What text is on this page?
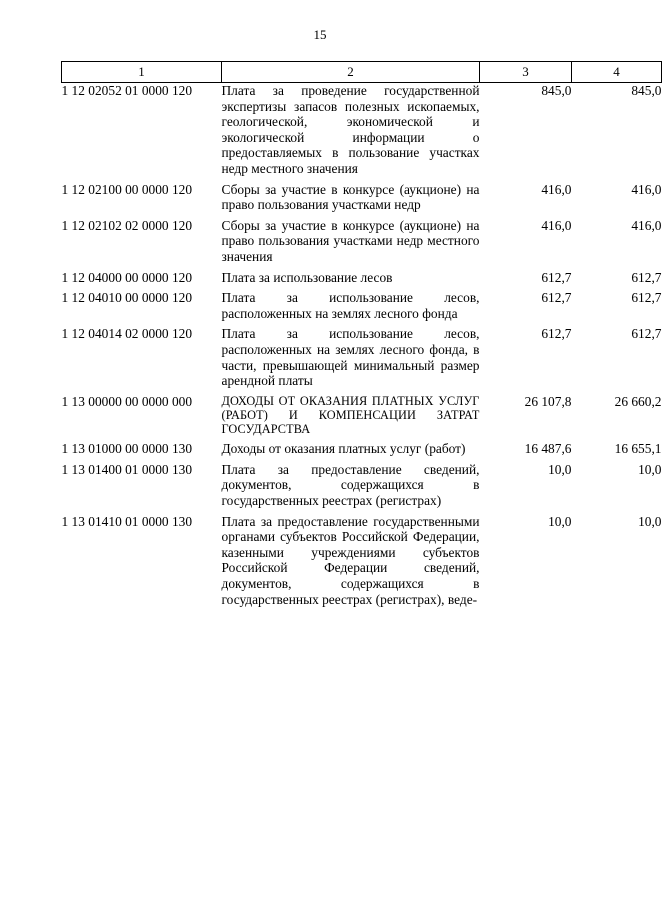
15
1	2	3	4
1 12 02052 01 0000 120	Плата за проведение государственной экспертизы запасов полезных ископаемых, геологической, экономической и экологической информации о предоставляемых в пользование участках недр местного значения	845,0	845,0
1 12 02100 00 0000 120	Сборы за участие в конкурсе (аукционе) на право пользования участками недр	416,0	416,0
1 12 02102 02 0000 120	Сборы за участие в конкурсе (аукционе) на право пользования участками недр местного значения	416,0	416,0
1 12 04000 00 0000 120	Плата за использование лесов	612,7	612,7
1 12 04010 00 0000 120	Плата за использование лесов, расположенных на землях лесного фонда	612,7	612,7
1 12 04014 02 0000 120	Плата за использование лесов, расположенных на землях лесного фонда, в части, превышающей минимальный размер арендной платы	612,7	612,7
1 13 00000 00 0000 000	ДОХОДЫ ОТ ОКАЗАНИЯ ПЛАТНЫХ УСЛУГ (РАБОТ) И КОМПЕНСАЦИИ ЗАТРАТ ГОСУДАРСТВА	26 107,8	26 660,2
1 13 01000 00 0000 130	Доходы от оказания платных услуг (работ)	16 487,6	16 655,1
1 13 01400 01 0000 130	Плата за предоставление сведений, документов, содержащихся в государственных реестрах (регистрах)	10,0	10,0
1 13 01410 01 0000 130	Плата за предоставление государственными органами субъектов Российской Федерации, казенными учреждениями субъектов Российской Федерации сведений, документов, содержащихся в государственных реестрах (регистрах), веде-	10,0	10,0
